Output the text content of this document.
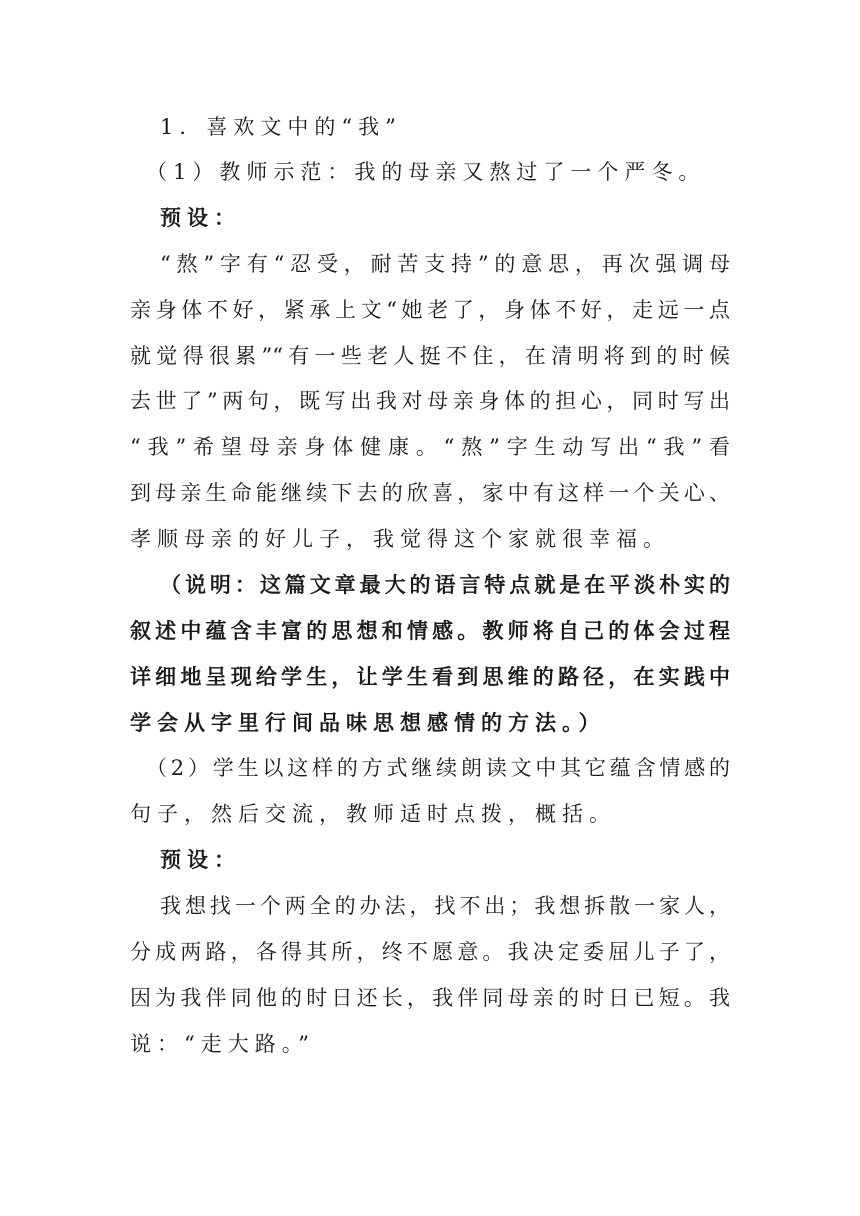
1．喜欢文中的“我”
（1）教师示范：我的母亲又熬过了一个严冬。
预设：
“熬”字有“忍受，耐苦支持”的意思，再次强调母
亲身体不好，紧承上文“她老了，身体不好，走远一点
就觉得很累”“有一些老人挺不住，在清明将到的时候
去世了”两句，既写出我对母亲身体的担心，同时写出
“我”希望母亲身体健康。“熬”字生动写出“我”看
到母亲生命能继续下去的欣喜，家中有这样一个关心、
孝顺母亲的好儿子，我觉得这个家就很幸福。
（说明：这篇文章最大的语言特点就是在平淡朴实的
叙述中蕴含丰富的思想和情感。教师将自己的体会过程
详细地呈现给学生，让学生看到思维的路径，在实践中
学会从字里行间品味思想感情的方法。）
（2）学生以这样的方式继续朗读文中其它蕴含情感的
句子，然后交流，教师适时点拨，概括。
预设：
我想找一个两全的办法，找不出；我想拆散一家人，
分成两路，各得其所，终不愿意。我决定委屈儿子了，
因为我伴同他的时日还长，我伴同母亲的时日已短。我
说：“走大路。”
